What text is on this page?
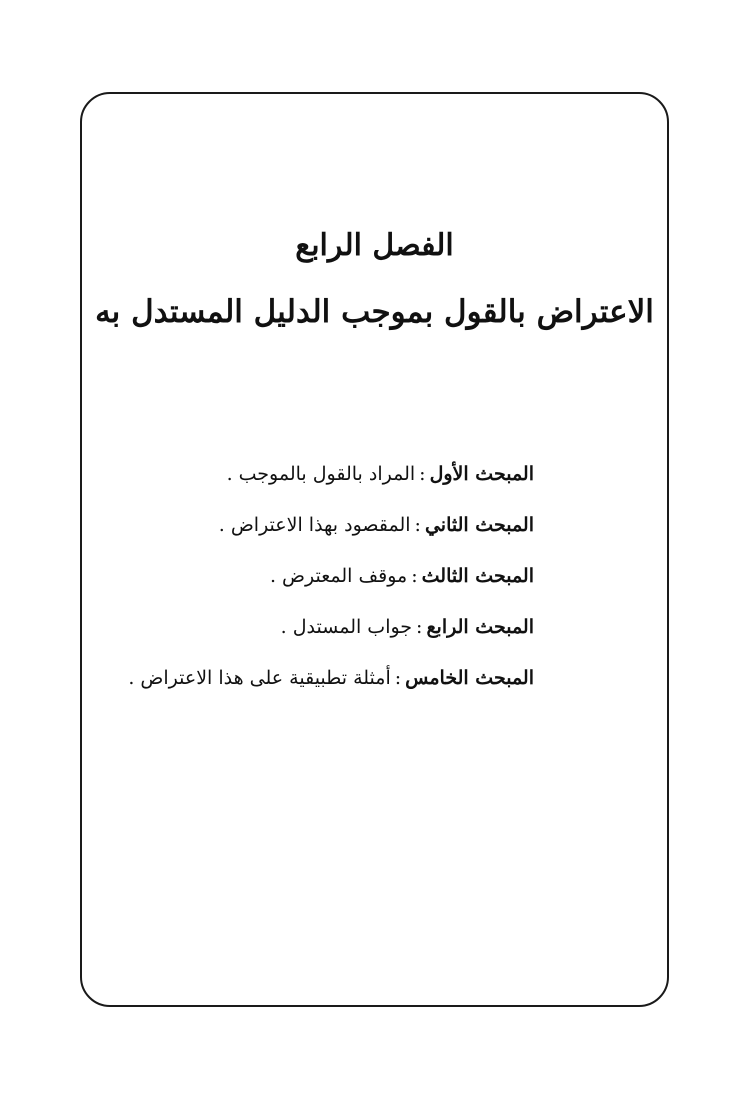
الفصل الرابع
الاعتراض بالقول بموجب الدليل المستدل به
المبحث الأول:المراد بالقول بالموجب .
المبحث الثاني:المقصود بهذا الاعتراض .
المبحث الثالث:موقف المعترض .
المبحث الرابع:جواب المستدل .
المبحث الخامس:أمثلة تطبيقية على هذا الاعتراض .
